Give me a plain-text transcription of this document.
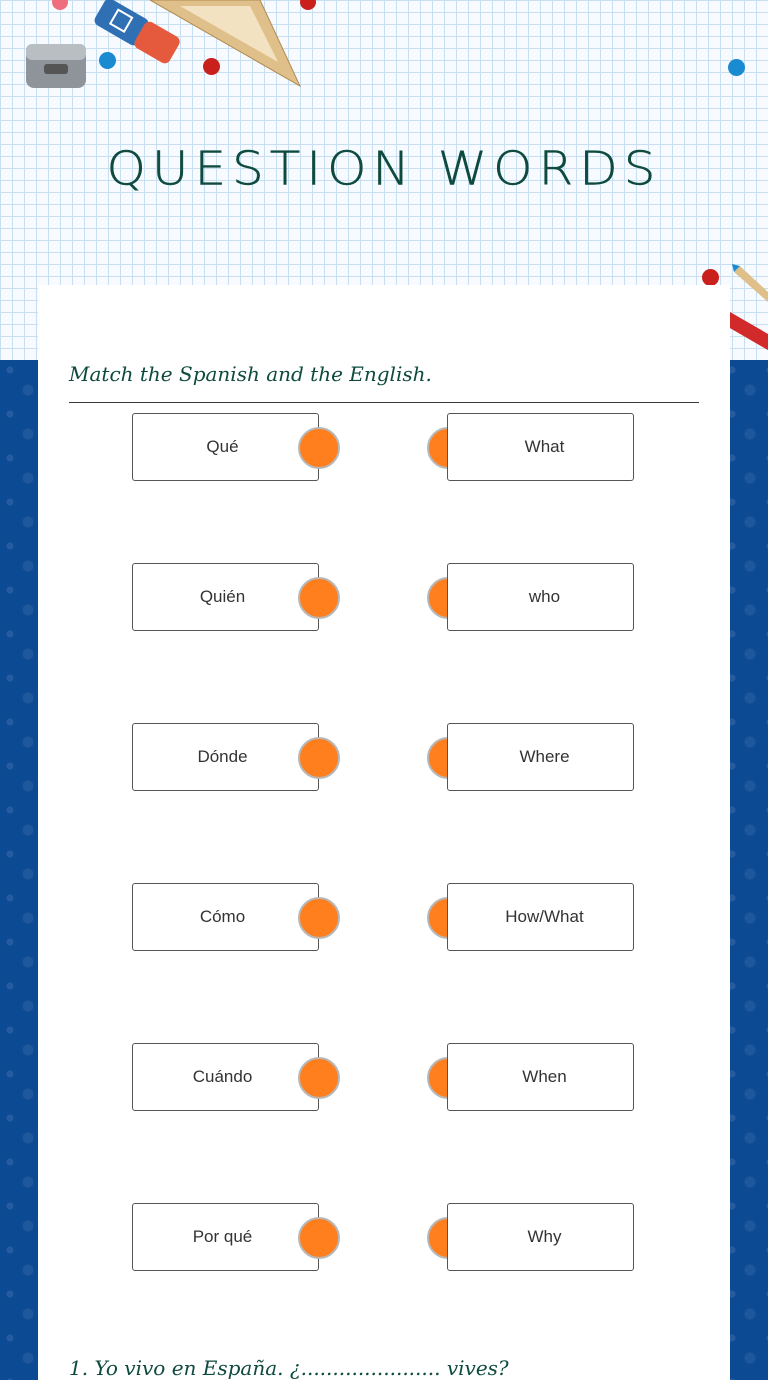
QUESTION WORDS
Match the Spanish and the English.
Qué	What
Quién	who
Dónde	Where
Cómo	How/What
Cuándo	When
Por qué	Why
1. Yo vivo en España. ¿...................... vives?
